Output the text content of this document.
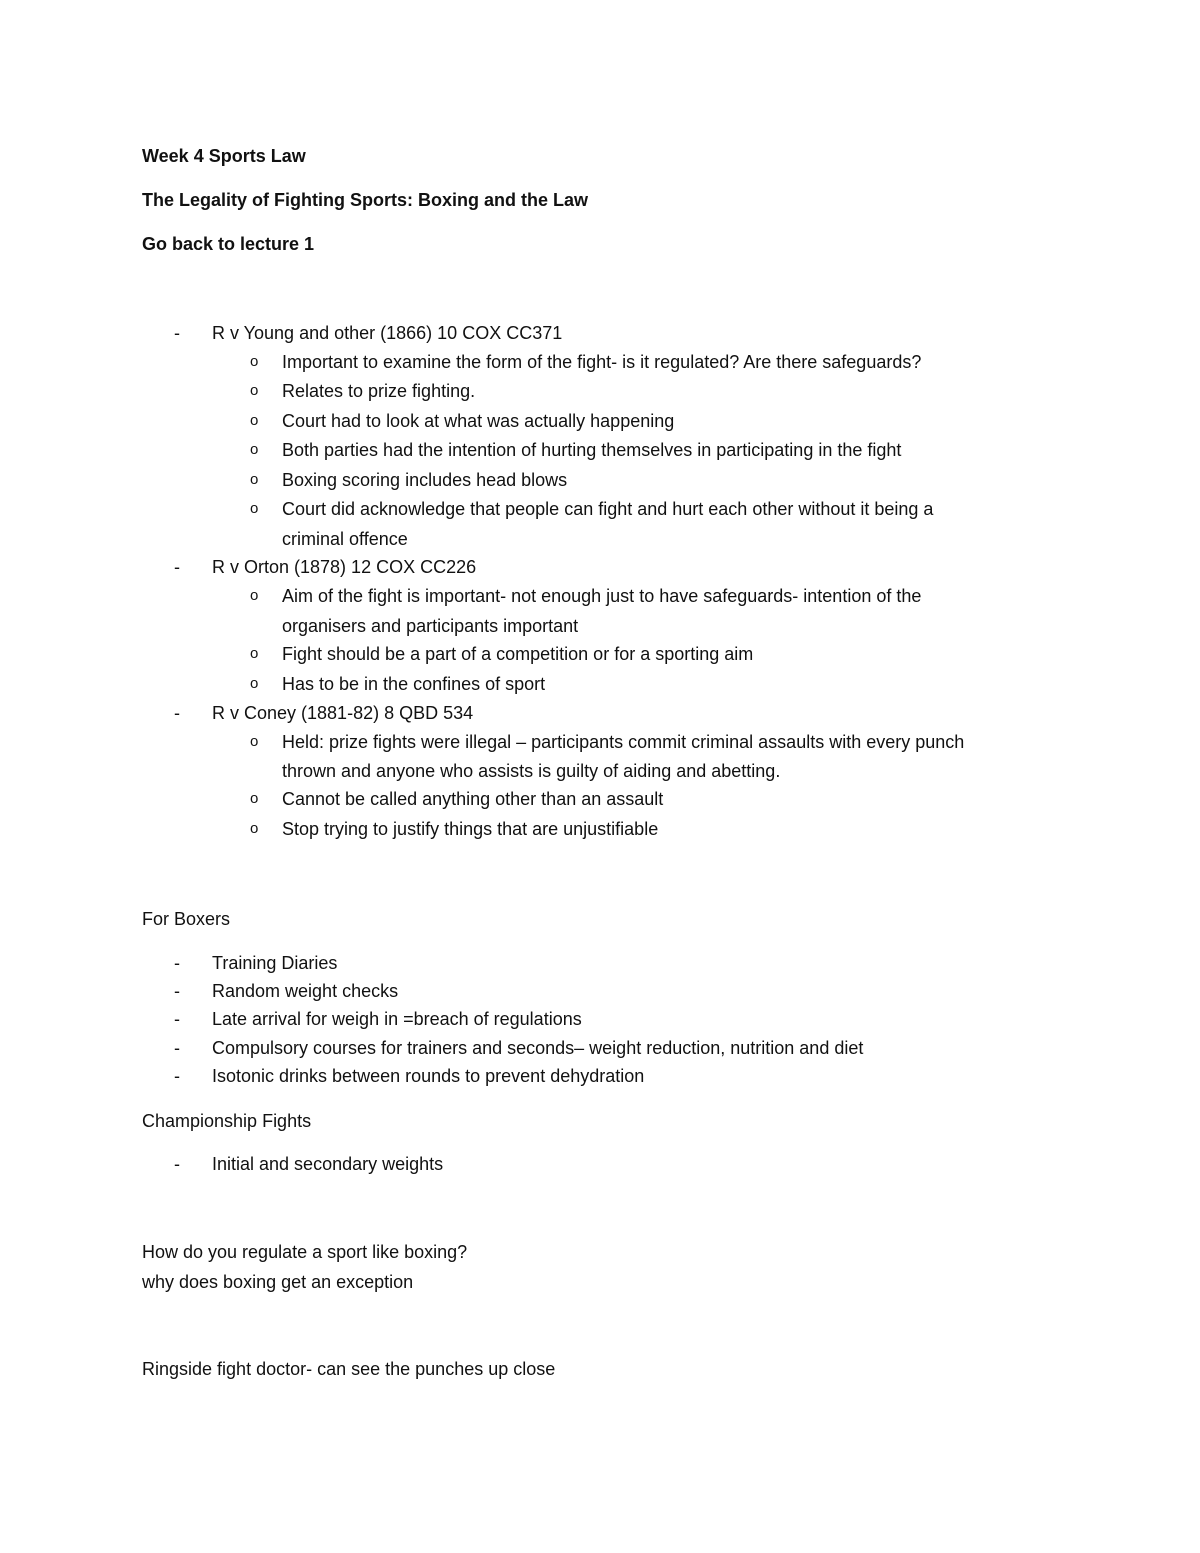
Week 4 Sports Law
The Legality of Fighting Sports: Boxing and the Law
Go back to lecture 1
-	R v Young and other (1866) 10 COX CC371
o Important to examine the form of the fight- is it regulated? Are there safeguards?
o Relates to prize fighting.
o Court had to look at what was actually happening
o Both parties had the intention of hurting themselves in participating in the fight
o Boxing scoring includes head blows
o Court did acknowledge that people can fight and hurt each other without it being a
criminal offence
-	R v Orton (1878) 12 COX CC226
o Aim of the fight is important- not enough just to have safeguards- intention of the
organisers and participants important
o Fight should be a part of a competition or for a sporting aim
o Has to be in the confines of sport
-	R v Coney (1881-82) 8 QBD 534
o Held: prize fights were illegal – participants commit criminal assaults with every punch
thrown and anyone who assists is guilty of aiding and abetting.
o Cannot be called anything other than an assault
o Stop trying to justify things that are unjustifiable
For Boxers
-	Training Diaries
-	Random weight checks
-	Late arrival for weigh in =breach of regulations
-	Compulsory courses for trainers and seconds– weight reduction, nutrition and diet
-	Isotonic drinks between rounds to prevent dehydration
Championship Fights
-	Initial and secondary weights
How do you regulate a sport like boxing?
why does boxing get an exception
Ringside fight doctor- can see the punches up close
